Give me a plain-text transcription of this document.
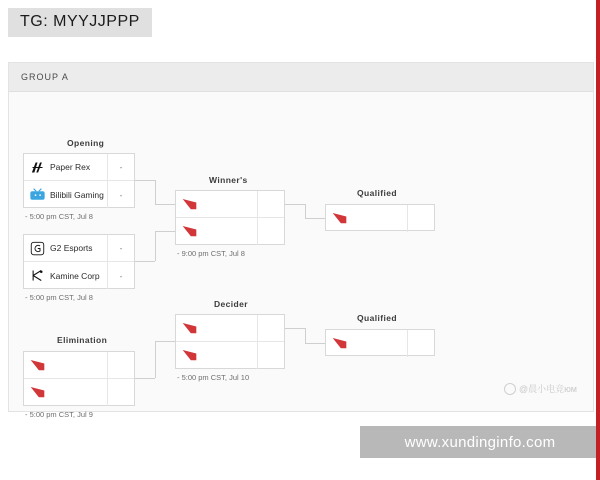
TG: MYYJJPPP
GROUP A
Opening
Winner's
Qualified
Elimination
Decider
Qualified
Paper Rex	-
Bilibili Gaming	-
- 5:00 pm CST, Jul 8
G2 Esports	-
Kamine Corp	-
- 5:00 pm CST, Jul 8
- 9:00 pm CST, Jul 8
- 5:00 pm CST, Jul 9
- 5:00 pm CST, Jul 10
@晨小电竞юм
www.xundinginfo.com
